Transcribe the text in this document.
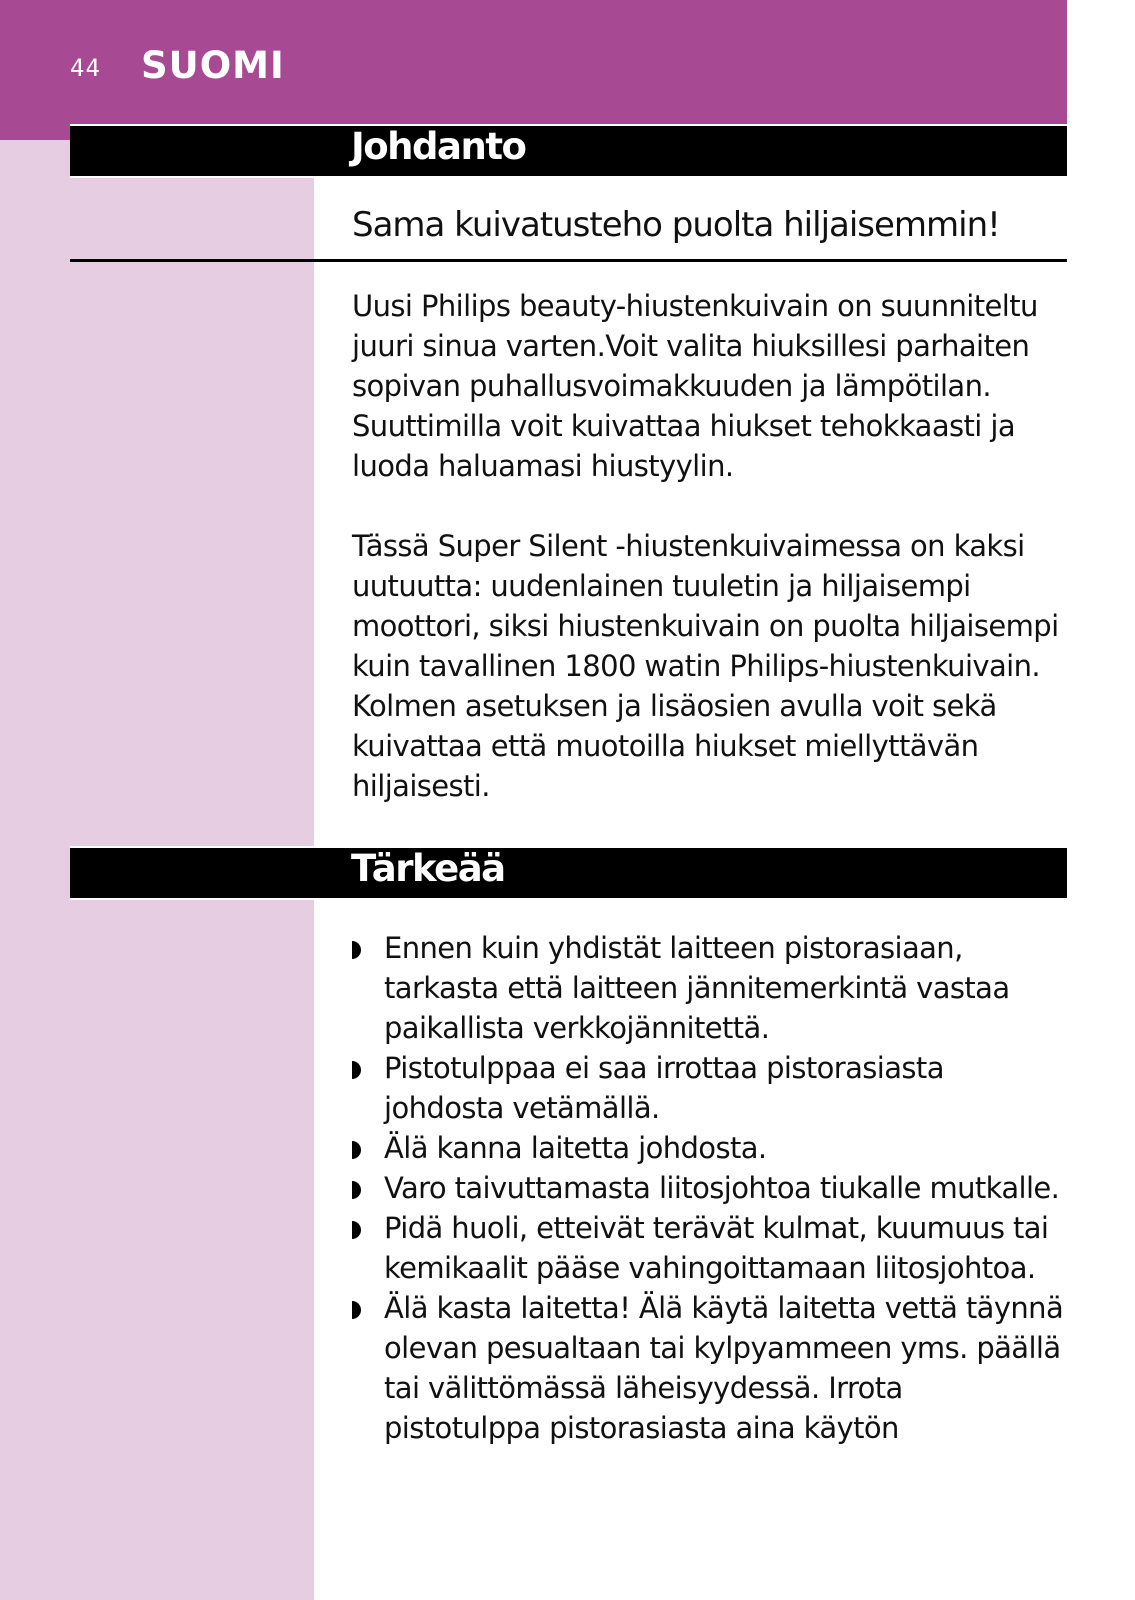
44 SUOMI
Johdanto
Sama kuivatusteho puolta hiljaisemmin!

Uusi Philips beauty-hiustenkuivain on suunniteltu juuri sinua varten.Voit valita hiuksillesi parhaiten sopivan puhallusvoimakkuuden ja lämpötilan. Suuttimilla voit kuivattaa hiukset tehokkaasti ja luoda haluamasi hiustyylin.

Tässä Super Silent -hiustenkuivaimessa on kaksi uutuutta: uudenlainen tuuletin ja hiljaisempi moottori, siksi hiustenkuivain on puolta hiljaisempi kuin tavallinen 1800 watin Philips-hiustenkuivain. Kolmen asetuksen ja lisäosien avulla voit sekä kuivattaa että muotoilla hiukset miellyttävän hiljaisesti.

Tärkeää
Ennen kuin yhdistät laitteen pistorasiaan, tarkasta että laitteen jännitemerkintä vastaa paikallista verkkojännitettä.
Pistotulppaa ei saa irrottaa pistorasiasta johdosta vetämällä.
Älä kanna laitetta johdosta.
Varo taivuttamasta liitosjohtoa tiukalle mutkalle.
Pidä huoli, etteivät terävät kulmat, kuumuus tai kemikaalit pääse vahingoittamaan liitosjohtoa.
Älä kasta laitetta! Älä käytä laitetta vettä täynnä olevan pesualtaan tai kylpyammeen yms. päällä tai välittömässä läheisyydessä. Irrota pistotulppa pistorasiasta aina käytön
